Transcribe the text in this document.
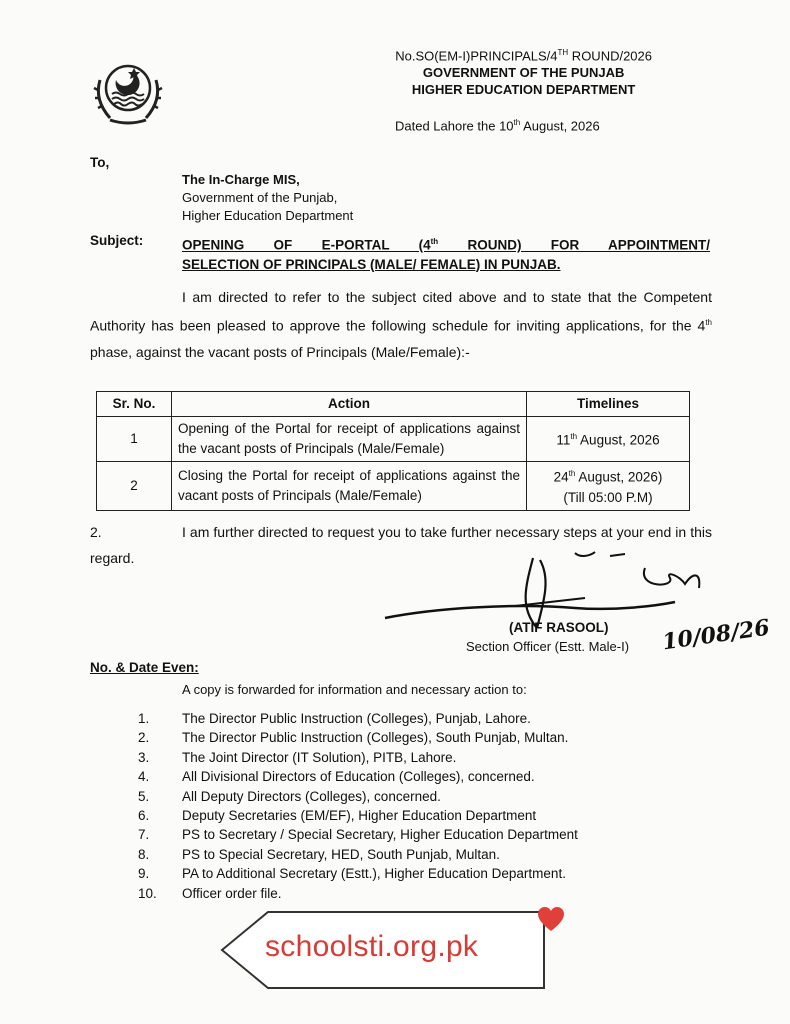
No.SO(EM-I)PRINCIPALS/4TH ROUND/2026
GOVERNMENT OF THE PUNJAB
HIGHER EDUCATION DEPARTMENT
Dated Lahore the 10th August, 2026
To,
The In-Charge MIS,
Government of the Punjab,
Higher Education Department
Subject:	OPENING OF E-PORTAL (4th ROUND) FOR APPOINTMENT/
SELECTION OF PRINCIPALS (MALE/ FEMALE) IN PUNJAB.
I am directed to refer to the subject cited above and to state that the Competent Authority has been pleased to approve the following schedule for inviting applications, for the 4th phase, against the vacant posts of Principals (Male/Female):-
Sr. No.	Action	Timelines
1	Opening of the Portal for receipt of applications against the vacant posts of Principals (Male/Female)	11th August, 2026
2	Closing the Portal for receipt of applications against the vacant posts of Principals (Male/Female)	24th August, 2026)
(Till 05:00 P.M)
2.	I am further directed to request you to take further necessary steps at your end in this regard.
(ATIF RASOOL)
Section Officer (Estt. Male-I) 10/08/26
No. & Date Even:
A copy is forwarded for information and necessary action to:
1. The Director Public Instruction (Colleges), Punjab, Lahore.
2. The Director Public Instruction (Colleges), South Punjab, Multan.
3. The Joint Director (IT Solution), PITB, Lahore.
4. All Divisional Directors of Education (Colleges), concerned.
5. All Deputy Directors (Colleges), concerned.
6. Deputy Secretaries (EM/EF), Higher Education Department
7. PS to Secretary / Special Secretary, Higher Education Department
8. PS to Special Secretary, HED, South Punjab, Multan.
9. PA to Additional Secretary (Estt.), Higher Education Department.
10. Officer order file.
schoolsti.org.pk
